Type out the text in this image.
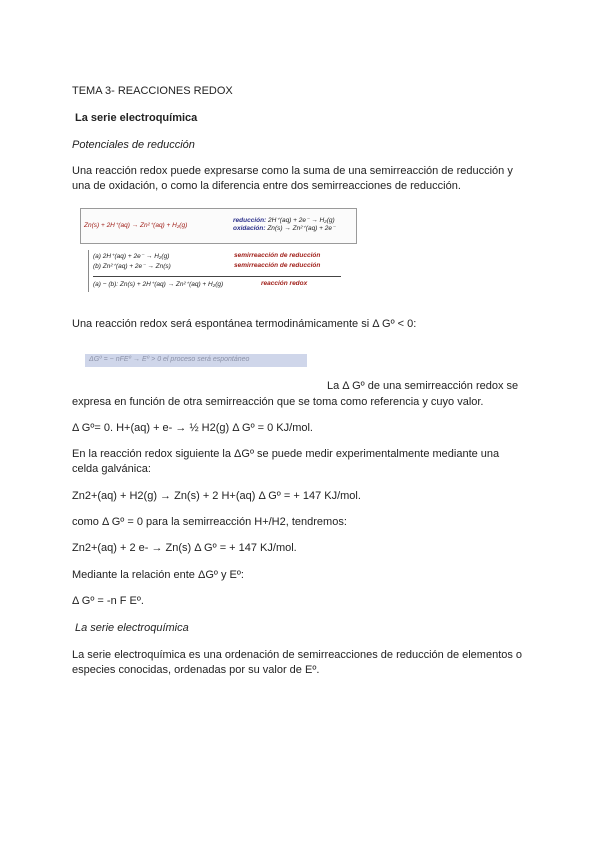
TEMA 3- REACCIONES REDOX
La serie electroquímica
Potenciales de reducción
Una reacción redox puede expresarse como la suma de una semirreacción de reducción y una de oxidación, o como la diferencia entre dos semirreacciones de reducción.
Zn(s) + 2H⁺(aq) → Zn²⁺(aq) + H₂(g)
reducción: 2H⁺(aq) + 2e⁻ → H₂(g)
oxidación: Zn(s) → Zn²⁺(aq) + 2e⁻
(a) 2H⁺(aq) + 2e⁻ → H₂(g)	semirreacción de reducción
(b) Zn²⁺(aq) + 2e⁻ → Zn(s)	semirreacción de reducción
(a) − (b): Zn(s) + 2H⁺(aq) → Zn²⁺(aq) + H₂(g)	reacción redox
Una reacción redox será espontánea termodinámicamente si Δ Gº < 0:
ΔGº = − nFEº → Eº > 0 el proceso será espontáneo
La Δ Gº de una semirreacción redox se
expresa en función de otra semirreacción que se toma como referencia y cuyo valor.
Δ Gº= 0. H+(aq) + e- → ½ H2(g) Δ Gº = 0 KJ/mol.
En la reacción redox siguiente la ΔGº se puede medir experimentalmente mediante una celda galvánica:
Zn2+(aq) + H2(g) → Zn(s) + 2 H+(aq) Δ Gº = + 147 KJ/mol.
como Δ Gº = 0 para la semirreacción H+/H2, tendremos:
Zn2+(aq) + 2 e- → Zn(s) Δ Gº = + 147 KJ/mol.
Mediante la relación ente ΔGº y Eº:
Δ Gº = -n F Eº.
La serie electroquímica
La serie electroquímica es una ordenación de semirreacciones de reducción de elementos o especies conocidas, ordenadas por su valor de Eº.
